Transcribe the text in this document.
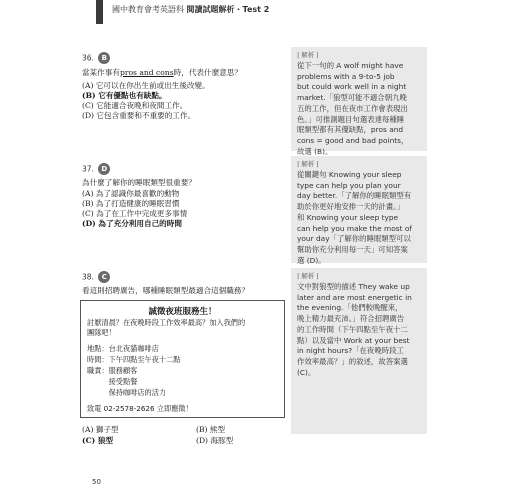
國中教育會考英語科 閱讀試題解析・Test 2
36. B
當某作事有pros and cons時，代表什麼意思？
(A) 它可以在你出生前或出生後改變。
(B) 它有優點也有缺點。
(C) 它能適合夜晚和夜間工作。
(D) 它包含重要和不重要的工作。
| 解析 |
從下一句的 A wolf might have
problems with a 9-to-5 job
but could work well in a night
market.「狼型可能不適合朝九晚
五的工作，但在夜市工作會表現出
色。」可推測題目句選表達每種睡
眠類型都有其優缺點，pros and
cons = good and bad points，
故選 (B)。
37. D
為什麼了解你的睡眠類型很重要？
(A) 為了認識你最喜歡的動物
(B) 為了打造健康的睡眠習慣
(C) 為了在工作中完成更多事情
(D) 為了充分利用自己的時間
| 解析 |
從關鍵句 Knowing your sleep
type can help you plan your
day better.「了解你的睡眠類型有
助於你更好地安排一天的計畫。」
和 Knowing your sleep type
can help you make the most of
your day「了解你的睡眠類型可以
幫助你充分利用每一天」可知答案
選 (D)。
38. C
看這則招聘廣告，哪種睡眠類型最適合這個職務？
誠徵夜班服務生！
討厭清晨？在夜晚時段工作效率最高？加入我們的
團隊吧！
地點：台北夜貓咖啡店
時間：下午四點至午夜十二點
職責：服務顧客
　　　接受點餐
　　　保持咖啡店的活力
致電 02-2578-2626 立即應徵！
(A) 獅子型	(B) 熊型
(C) 狼型	(D) 海豚型
| 解析 |
文中對狼型的描述 They wake up
later and are most energetic in
the evening.「他們較晚醒來，
晚上精力最充沛。」符合招聘廣告
的工作時間（下午四點至午夜十二
點）以及當中 Work at your best
in night hours?「在夜晚時段工
作效率最高？」的敘述，故答案選
(C)。
50
